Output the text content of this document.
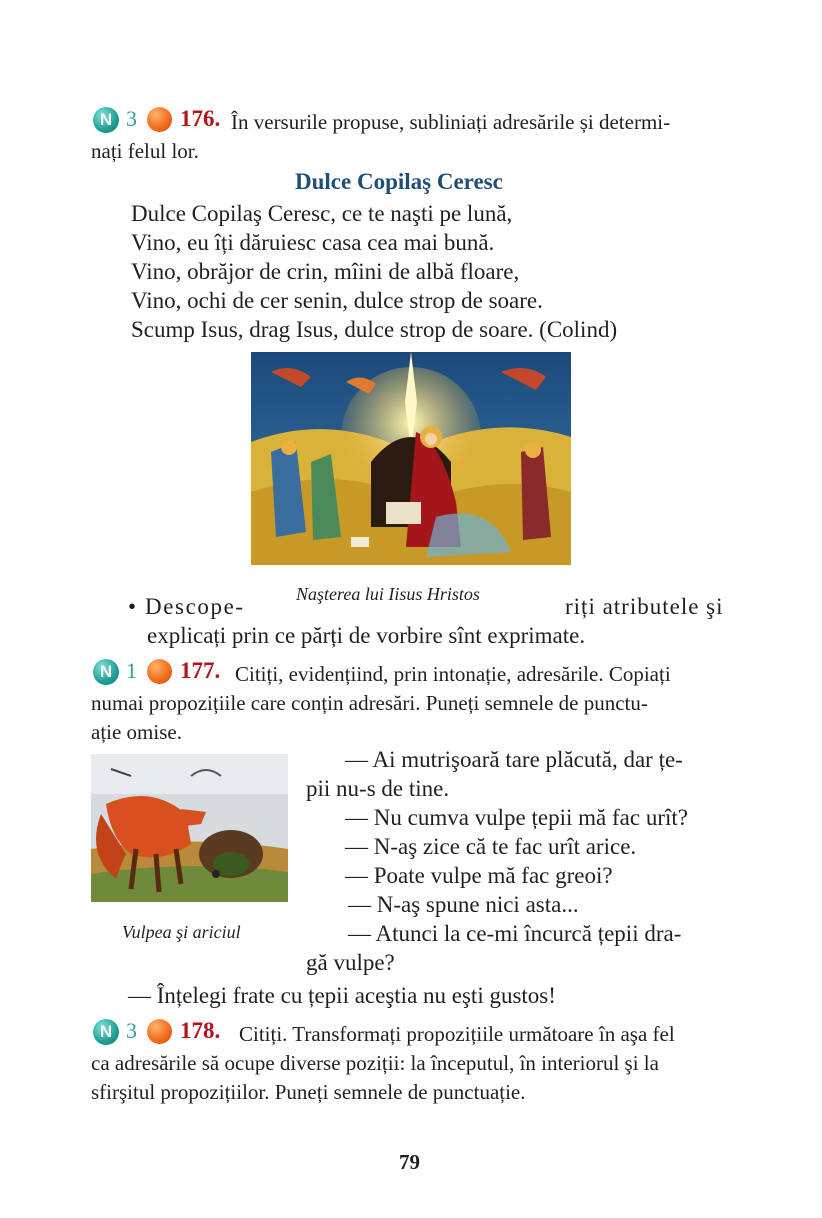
N 3 176. În versurile propuse, subliniați adresările și determi-
nați felul lor.
Dulce Copilaş Ceresc
Dulce Copilaş Ceresc, ce te naşti pe lună,
Vino, eu îți dăruiesc casa cea mai bună.
Vino, obrăjor de crin, mîini de albă floare,
Vino, ochi de cer senin, dulce strop de soare.
Scump Isus, drag Isus, dulce strop de soare. (Colind)
Naşterea lui Iisus Hristos
• Descope-	riți atributele şi
explicați prin ce părți de vorbire sînt exprimate.
N 1 177. Citiți, evidențiind, prin intonație, adresările. Copiați
numai propozițiile care conțin adresări. Puneți semnele de punctu-
ație omise.
Vulpea şi ariciul
— Ai mutrişoară tare plăcută, dar țe-
pii nu-s de tine.
— Nu cumva vulpe țepii mă fac urît?
— N-aş zice că te fac urît arice.
— Poate vulpe mă fac greoi?
— N-aş spune nici asta...
— Atunci la ce-mi încurcă țepii dra-
gă vulpe?
— Înțelegi frate cu țepii aceştia nu eşti gustos!
N 3 178. Citiți. Transformați propozițiile următoare în aşa fel
ca adresările să ocupe diverse poziții: la începutul, în interiorul şi la
sfirşitul propozițiilor. Puneți semnele de punctuație.
79
